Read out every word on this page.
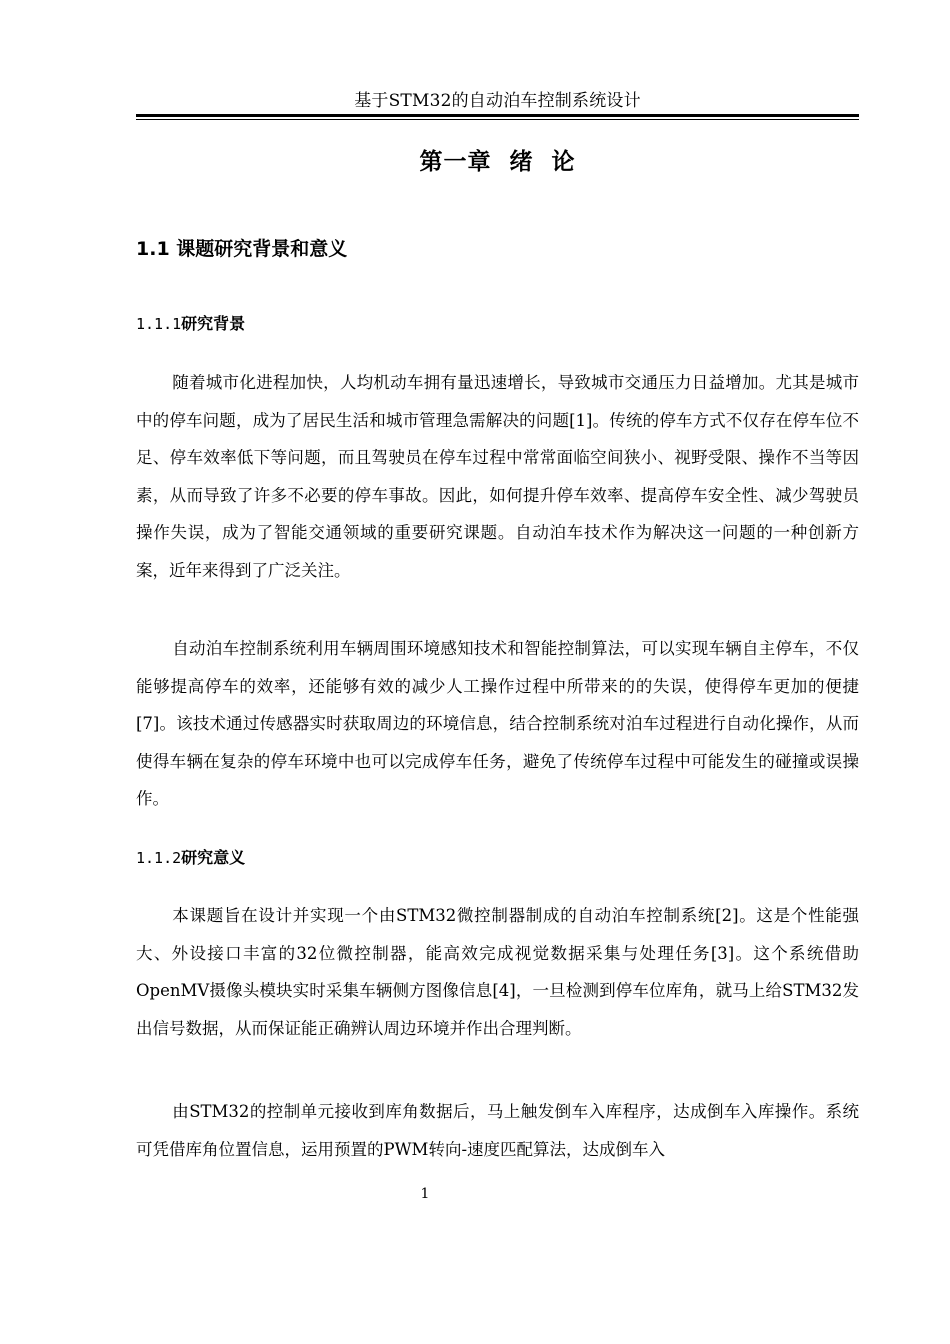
基于STM32的自动泊车控制系统设计
第一章  绪  论
1.1 课题研究背景和意义
1.1.1研究背景

随着城市化进程加快，人均机动车拥有量迅速增长，导致城市交通压力日益增加。尤其是城市中的停车问题，成为了居民生活和城市管理急需解决的问题[1]。传统的停车方式不仅存在停车位不足、停车效率低下等问题，而且驾驶员在停车过程中常常面临空间狭小、视野受限、操作不当等因素，从而导致了许多不必要的停车事故。因此，如何提升停车效率、提高停车安全性、减少驾驶员操作失误，成为了智能交通领域的重要研究课题。自动泊车技术作为解决这一问题的一种创新方案，近年来得到了广泛关注。

自动泊车控制系统利用车辆周围环境感知技术和智能控制算法，可以实现车辆自主停车，不仅能够提高停车的效率，还能够有效的减少人工操作过程中所带来的的失误，使得停车更加的便捷[7]。该技术通过传感器实时获取周边的环境信息，结合控制系统对泊车过程进行自动化操作，从而使得车辆在复杂的停车环境中也可以完成停车任务，避免了传统停车过程中可能发生的碰撞或误操作。

1.1.2研究意义

本课题旨在设计并实现一个由STM32微控制器制成的自动泊车控制系统[2]。这是个性能强大、外设接口丰富的32位微控制器，能高效完成视觉数据采集与处理任务[3]。这个系统借助OpenMV摄像头模块实时采集车辆侧方图像信息[4]，一旦检测到停车位库角，就马上给STM32发出信号数据，从而保证能正确辨认周边环境并作出合理判断。

由STM32的控制单元接收到库角数据后，马上触发倒车入库程序，达成倒车入库操作。系统可凭借库角位置信息，运用预置的PWM转向-速度匹配算法，达成倒车入

1
